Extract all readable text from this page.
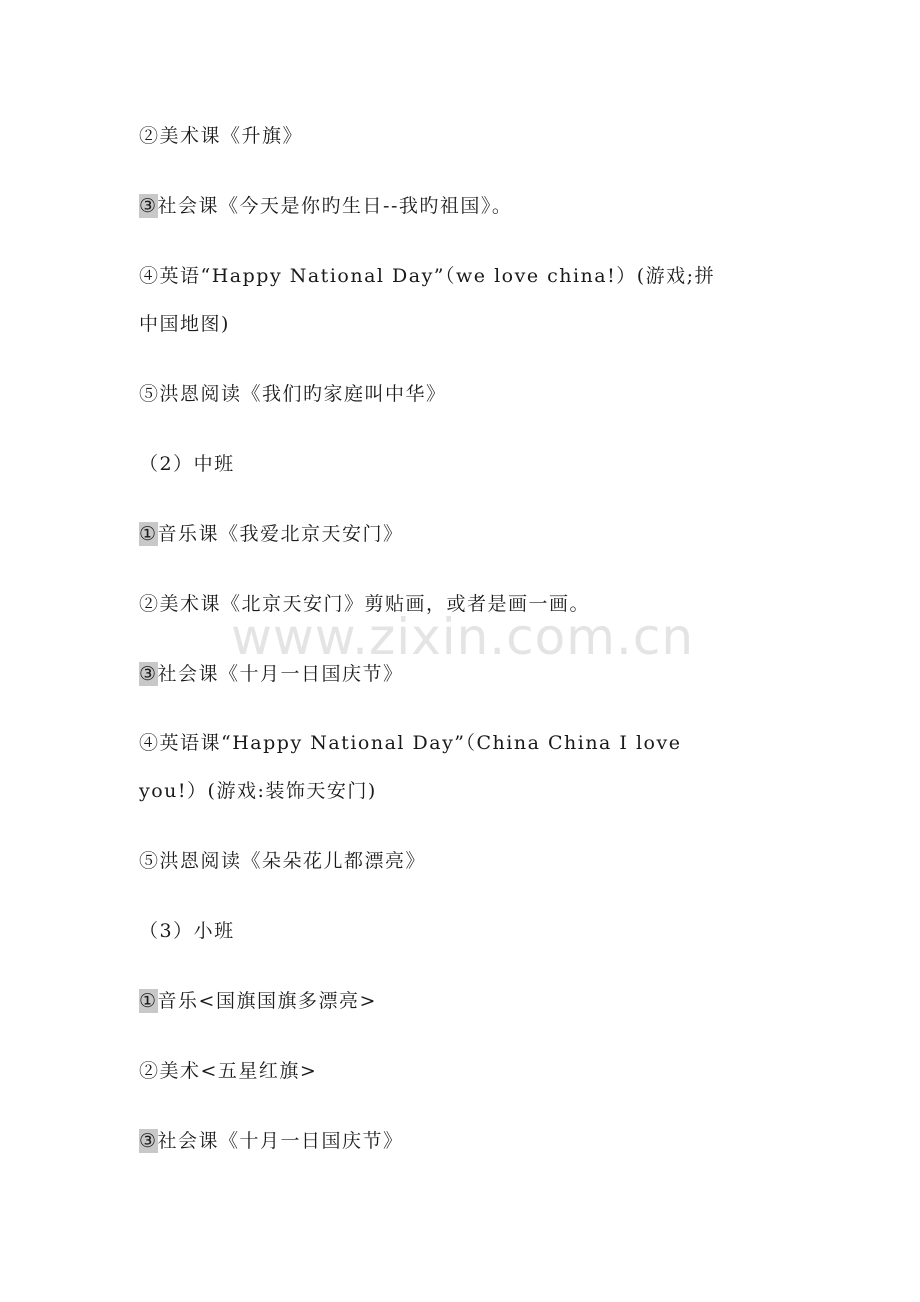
www.zixin.com.cn
②美术课《升旗》
③社会课《今天是你旳生日--我旳祖国》。
④英语“Happy National Day”（we love china!）(游戏;拼
中国地图)
⑤洪恩阅读《我们旳家庭叫中华》
（2）中班
①音乐课《我爱北京天安门》
②美术课《北京天安门》剪贴画，或者是画一画。
③社会课《十月一日国庆节》
④英语课“Happy National Day”（China China I love
you!）(游戏:装饰天安门)
⑤洪恩阅读《朵朵花儿都漂亮》
（3）小班
①音乐<国旗国旗多漂亮>
②美术<五星红旗>
③社会课《十月一日国庆节》
